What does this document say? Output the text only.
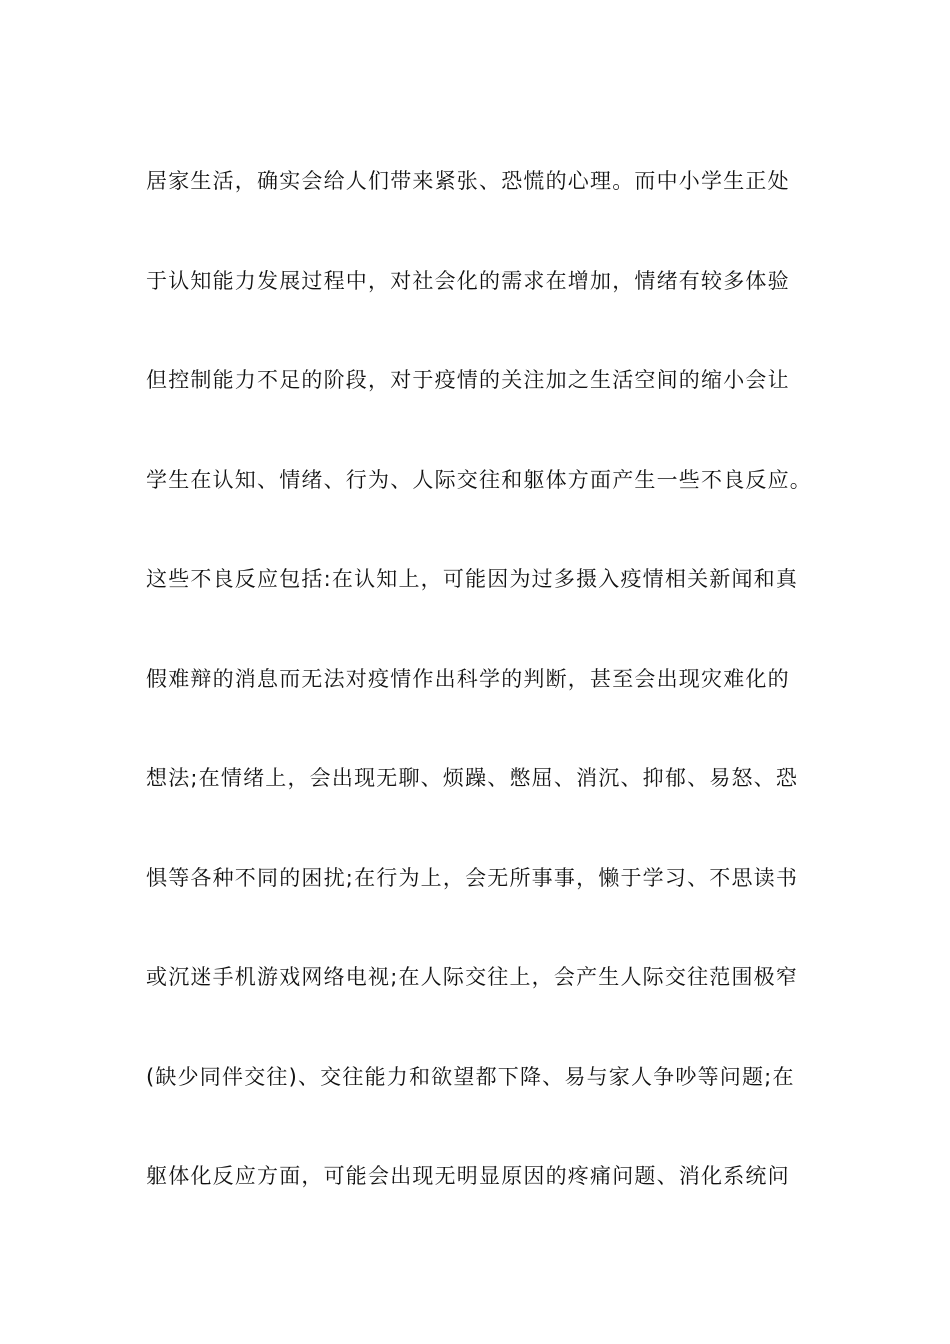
居家生活，确实会给人们带来紧张、恐慌的心理。而中小学生正处

于认知能力发展过程中，对社会化的需求在增加，情绪有较多体验

但控制能力不足的阶段，对于疫情的关注加之生活空间的缩小会让

学生在认知、情绪、行为、人际交往和躯体方面产生一些不良反应。

这些不良反应包括:在认知上，可能因为过多摄入疫情相关新闻和真

假难辩的消息而无法对疫情作出科学的判断，甚至会出现灾难化的

想法;在情绪上，会出现无聊、烦躁、憋屈、消沉、抑郁、易怒、恐

惧等各种不同的困扰;在行为上，会无所事事，懒于学习、不思读书

或沉迷手机游戏网络电视;在人际交往上，会产生人际交往范围极窄

(缺少同伴交往)、交往能力和欲望都下降、易与家人争吵等问题;在

躯体化反应方面，可能会出现无明显原因的疼痛问题、消化系统问
